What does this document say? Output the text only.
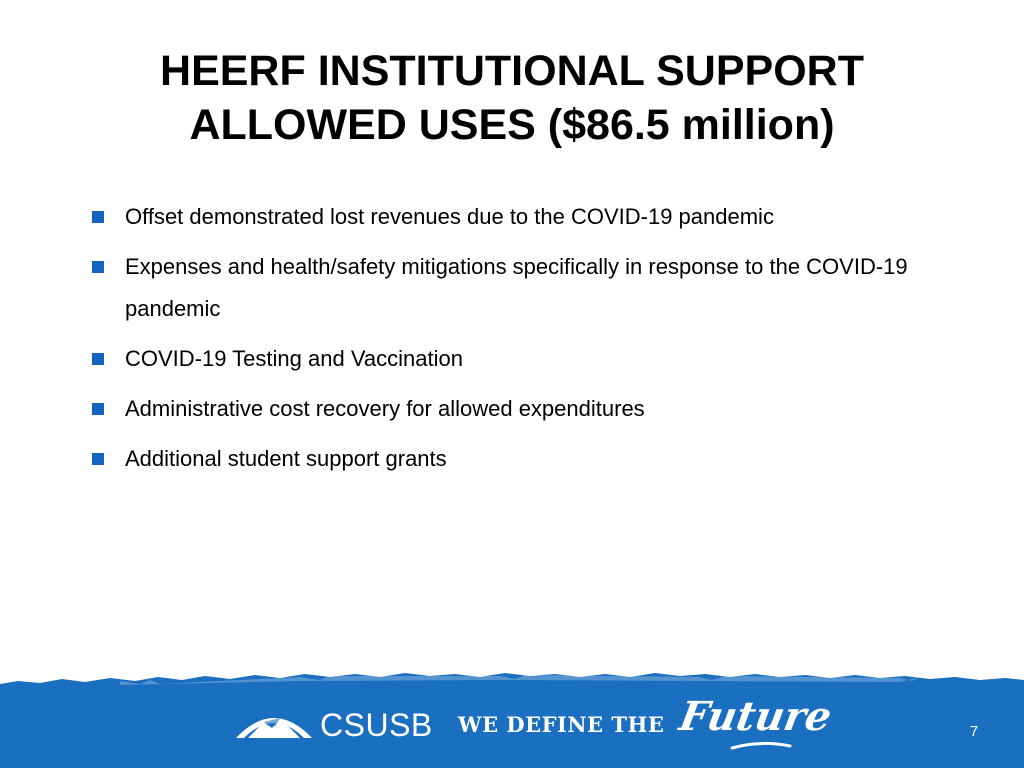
HEERF INSTITUTIONAL SUPPORT
ALLOWED USES ($86.5 million)
Offset demonstrated lost revenues due to the COVID-19 pandemic
Expenses and health/safety mitigations specifically in response to the COVID-19 pandemic
COVID-19 Testing and Vaccination
Administrative cost recovery for allowed expenditures
Additional student support grants
CSUSB WE DEFINE THE Future	7
